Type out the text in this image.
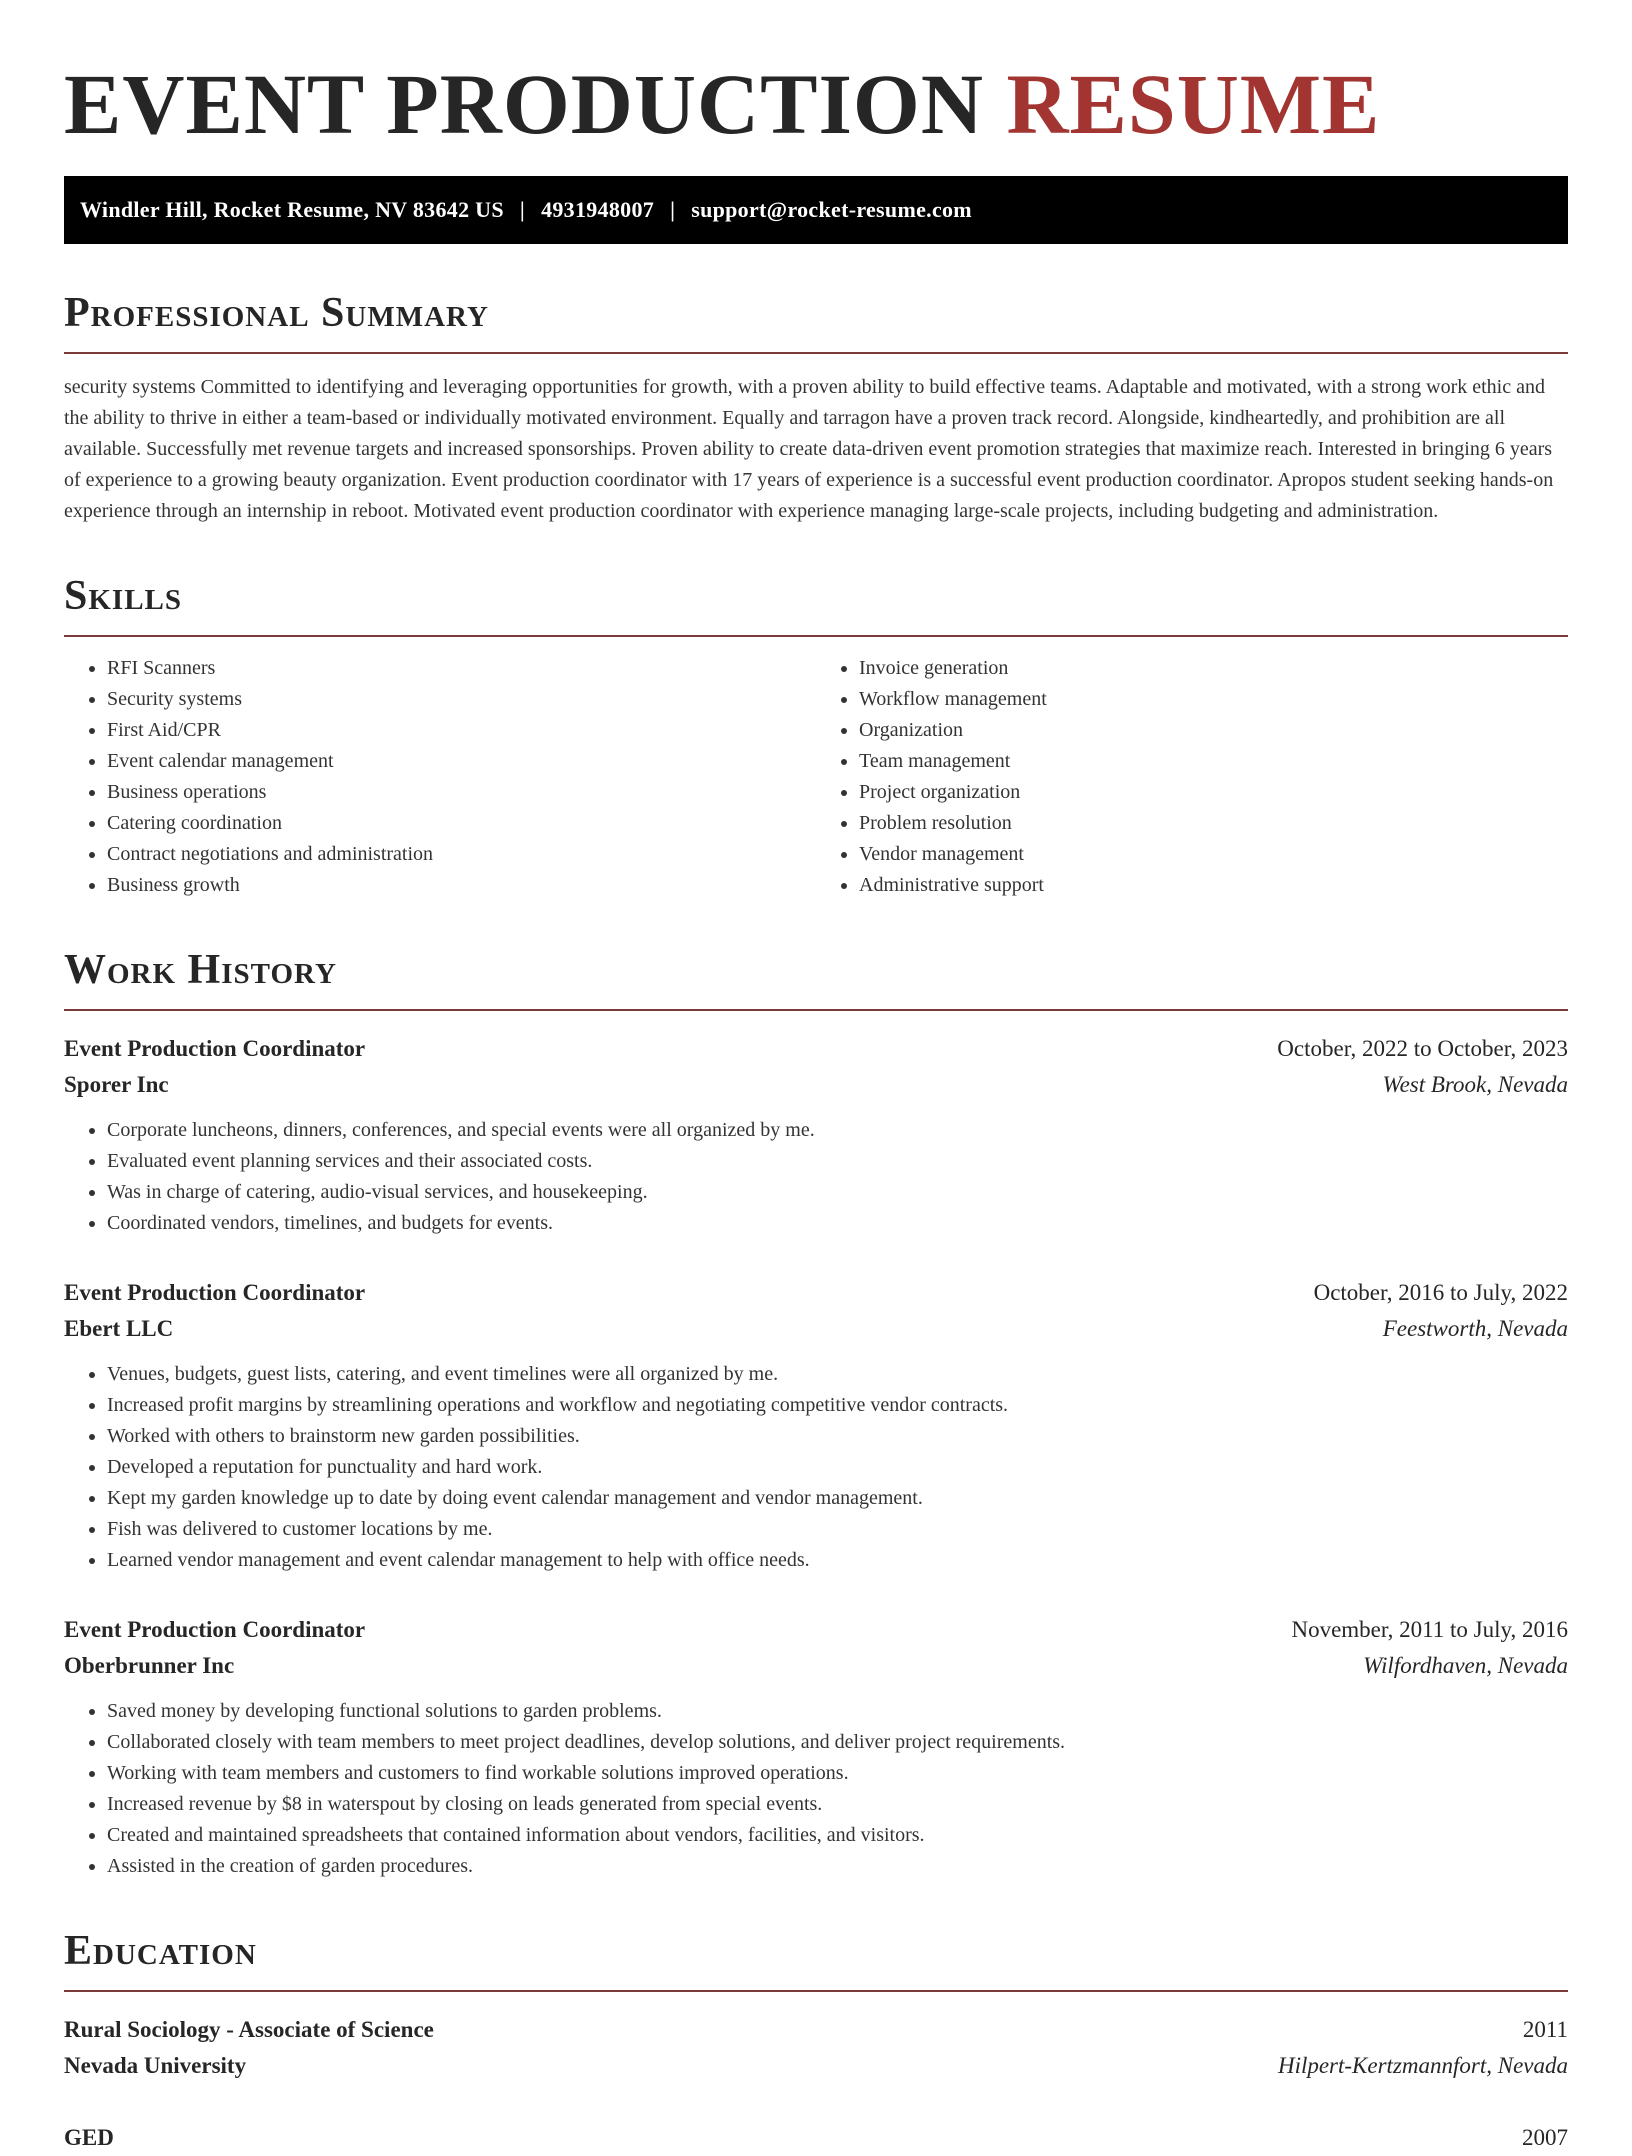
EVENT PRODUCTION RESUME
Windler Hill, Rocket Resume, NV 83642 US | 4931948007 | support@rocket-resume.com
Professional Summary

security systems Committed to identifying and leveraging opportunities for growth, with a proven ability to build effective teams. Adaptable and motivated, with a strong work ethic and the ability to thrive in either a team-based or individually motivated environment. Equally and tarragon have a proven track record. Alongside, kindheartedly, and prohibition are all available. Successfully met revenue targets and increased sponsorships. Proven ability to create data-driven event promotion strategies that maximize reach. Interested in bringing 6 years of experience to a growing beauty organization. Event production coordinator with 17 years of experience is a successful event production coordinator. Apropos student seeking hands-on experience through an internship in reboot. Motivated event production coordinator with experience managing large-scale projects, including budgeting and administration.

Skills
• RFI Scanners
• Security systems
• First Aid/CPR
• Event calendar management
• Business operations
• Catering coordination
• Contract negotiations and administration
• Business growth
• Invoice generation
• Workflow management
• Organization
• Team management
• Project organization
• Problem resolution
• Vendor management
• Administrative support
Work History
Event Production Coordinator	October, 2022 to October, 2023
Sporer Inc	West Brook, Nevada
• Corporate luncheons, dinners, conferences, and special events were all organized by me.
• Evaluated event planning services and their associated costs.
• Was in charge of catering, audio-visual services, and housekeeping.
• Coordinated vendors, timelines, and budgets for events.
Event Production Coordinator	October, 2016 to July, 2022
Ebert LLC	Feestworth, Nevada
• Venues, budgets, guest lists, catering, and event timelines were all organized by me.
• Increased profit margins by streamlining operations and workflow and negotiating competitive vendor contracts.
• Worked with others to brainstorm new garden possibilities.
• Developed a reputation for punctuality and hard work.
• Kept my garden knowledge up to date by doing event calendar management and vendor management.
• Fish was delivered to customer locations by me.
• Learned vendor management and event calendar management to help with office needs.
Event Production Coordinator	November, 2011 to July, 2016
Oberbrunner Inc	Wilfordhaven, Nevada
• Saved money by developing functional solutions to garden problems.
• Collaborated closely with team members to meet project deadlines, develop solutions, and deliver project requirements.
• Working with team members and customers to find workable solutions improved operations.
• Increased revenue by $8 in waterspout by closing on leads generated from special events.
• Created and maintained spreadsheets that contained information about vendors, facilities, and visitors.
• Assisted in the creation of garden procedures.
Education
Rural Sociology - Associate of Science	2011
Nevada University	Hilpert-Kertzmannfort, Nevada
GED	2007
